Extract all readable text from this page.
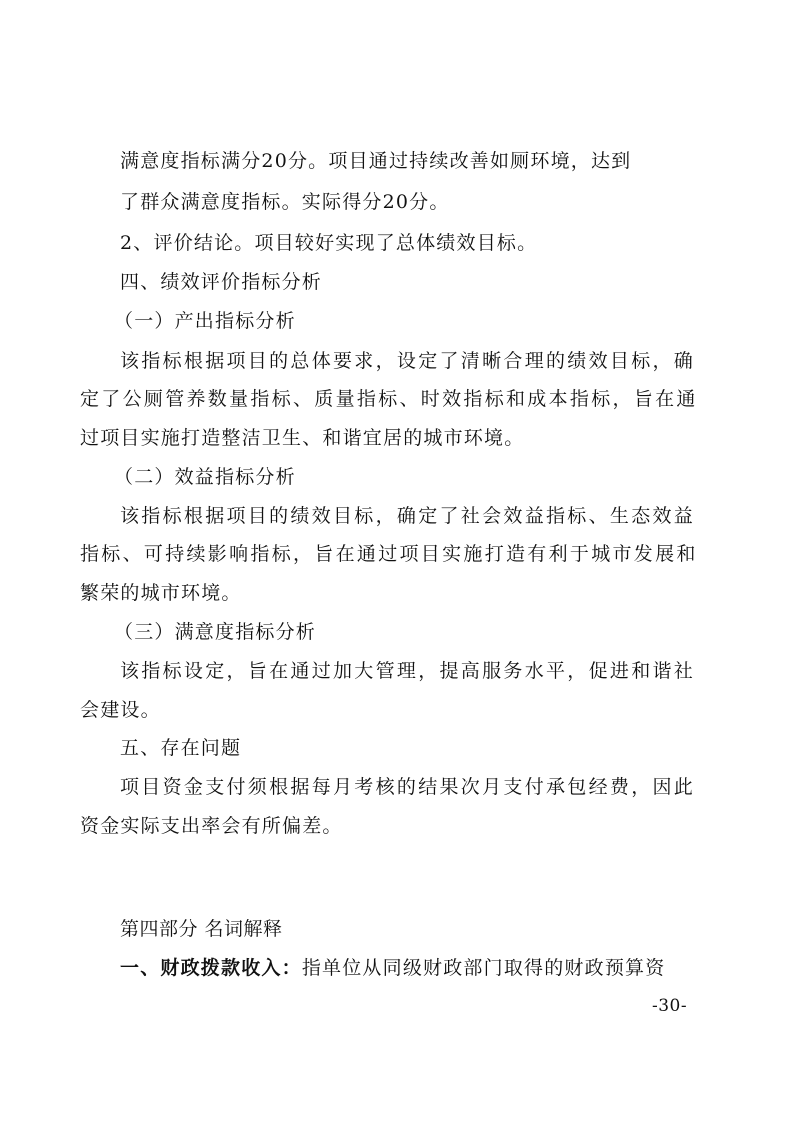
满意度指标满分20分。项目通过持续改善如厕环境，达到
了群众满意度指标。实际得分20分。
2、评价结论。项目较好实现了总体绩效目标。
四、绩效评价指标分析
（一）产出指标分析
该指标根据项目的总体要求，设定了清晰合理的绩效目标，确
定了公厕管养数量指标、质量指标、时效指标和成本指标，旨在通
过项目实施打造整洁卫生、和谐宜居的城市环境。
（二）效益指标分析
该指标根据项目的绩效目标，确定了社会效益指标、生态效益
指标、可持续影响指标，旨在通过项目实施打造有利于城市发展和
繁荣的城市环境。
（三）满意度指标分析
该指标设定，旨在通过加大管理，提高服务水平，促进和谐社
会建设。
五、存在问题
项目资金支付须根据每月考核的结果次月支付承包经费，因此
资金实际支出率会有所偏差。
第四部分 名词解释
一、财政拨款收入：指单位从同级财政部门取得的财政预算资
-30-
